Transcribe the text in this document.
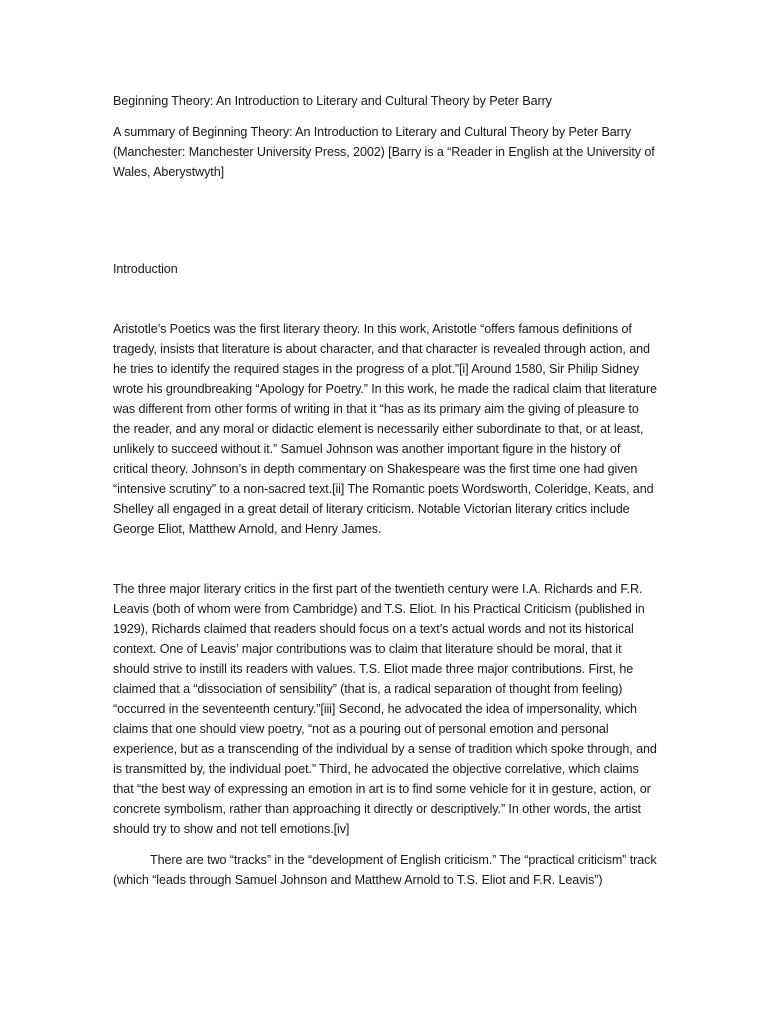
Beginning Theory: An Introduction to Literary and Cultural Theory by Peter Barry

A summary of Beginning Theory: An Introduction to Literary and Cultural Theory by Peter Barry (Manchester: Manchester University Press, 2002) [Barry is a “Reader in English at the University of Wales, Aberystwyth]

Introduction

Aristotle’s Poetics was the first literary theory. In this work, Aristotle “offers famous definitions of tragedy, insists that literature is about character, and that character is revealed through action, and he tries to identify the required stages in the progress of a plot.”[i] Around 1580, Sir Philip Sidney wrote his groundbreaking “Apology for Poetry.” In this work, he made the radical claim that literature was different from other forms of writing in that it “has as its primary aim the giving of pleasure to the reader, and any moral or didactic element is necessarily either subordinate to that, or at least, unlikely to succeed without it.” Samuel Johnson was another important figure in the history of critical theory. Johnson’s in depth commentary on Shakespeare was the first time one had given “intensive scrutiny” to a non-sacred text.[ii] The Romantic poets Wordsworth, Coleridge, Keats, and Shelley all engaged in a great detail of literary criticism. Notable Victorian literary critics include George Eliot, Matthew Arnold, and Henry James.

The three major literary critics in the first part of the twentieth century were I.A. Richards and F.R. Leavis (both of whom were from Cambridge) and T.S. Eliot. In his Practical Criticism (published in 1929), Richards claimed that readers should focus on a text’s actual words and not its historical context. One of Leavis’ major contributions was to claim that literature should be moral, that it should strive to instill its readers with values. T.S. Eliot made three major contributions. First, he claimed that a “dissociation of sensibility” (that is, a radical separation of thought from feeling) “occurred in the seventeenth century.”[iii] Second, he advocated the idea of impersonality, which claims that one should view poetry, “not as a pouring out of personal emotion and personal experience, but as a transcending of the individual by a sense of tradition which spoke through, and is transmitted by, the individual poet.” Third, he advocated the objective correlative, which claims that “the best way of expressing an emotion in art is to find some vehicle for it in gesture, action, or concrete symbolism, rather than approaching it directly or descriptively.” In other words, the artist should try to show and not tell emotions.[iv]

There are two “tracks” in the “development of English criticism.” The “practical criticism” track (which “leads through Samuel Johnson and Matthew Arnold to T.S. Eliot and F.R. Leavis”)
